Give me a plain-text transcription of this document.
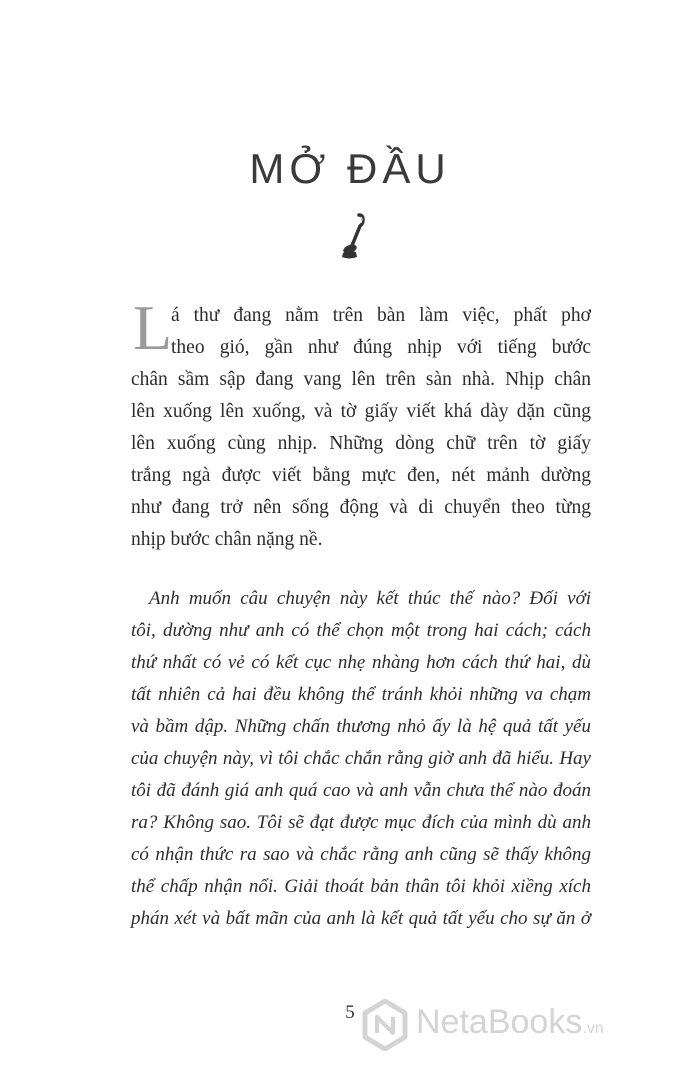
MỞ ĐẦU
L
á thư đang nằm trên bàn làm việc, phất phơ
theo gió, gần như đúng nhịp với tiếng bước
chân sầm sập đang vang lên trên sàn nhà. Nhịp chân
lên xuống lên xuống, và tờ giấy viết khá dày dặn cũng
lên xuống cùng nhịp. Những dòng chữ trên tờ giấy
trắng ngà được viết bằng mực đen, nét mảnh dường
như đang trở nên sống động và di chuyển theo từng
nhịp bước chân nặng nề.
Anh muốn câu chuyện này kết thúc thế nào? Đối với
tôi, dường như anh có thể chọn một trong hai cách; cách
thứ nhất có vẻ có kết cục nhẹ nhàng hơn cách thứ hai, dù
tất nhiên cả hai đều không thể tránh khỏi những va chạm
và bầm dập. Những chấn thương nhỏ ấy là hệ quả tất yếu
của chuyện này, vì tôi chắc chắn rằng giờ anh đã hiểu. Hay
tôi đã đánh giá anh quá cao và anh vẫn chưa thể nào đoán
ra? Không sao. Tôi sẽ đạt được mục đích của mình dù anh
có nhận thức ra sao và chắc rằng anh cũng sẽ thấy không
thể chấp nhận nổi. Giải thoát bản thân tôi khỏi xiềng xích
phán xét và bất mãn của anh là kết quả tất yếu cho sự ăn ở
5	NetaBooks.vn
